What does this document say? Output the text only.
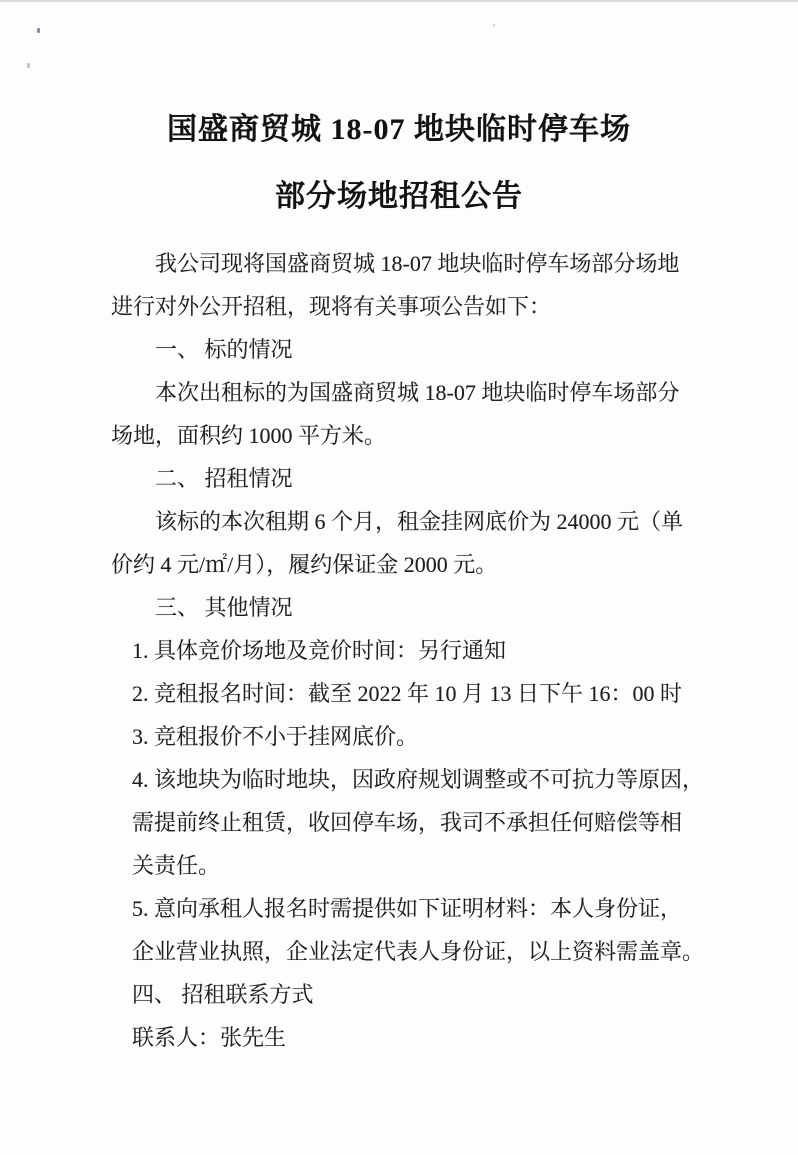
国盛商贸城 18-07 地块临时停车场
部分场地招租公告
我公司现将国盛商贸城 18-07 地块临时停车场部分场地
进行对外公开招租，现将有关事项公告如下：
一、 标的情况
本次出租标的为国盛商贸城 18-07 地块临时停车场部分
场地，面积约 1000 平方米。
二、 招租情况
该标的本次租期 6 个月，租金挂网底价为 24000 元（单
价约 4 元/㎡/月），履约保证金 2000 元。
三、 其他情况
1. 具体竞价场地及竞价时间：另行通知
2. 竞租报名时间：截至 2022 年 10 月 13 日下午 16：00 时
3. 竞租报价不小于挂网底价。
4. 该地块为临时地块，因政府规划调整或不可抗力等原因，
需提前终止租赁，收回停车场，我司不承担任何赔偿等相
关责任。
5. 意向承租人报名时需提供如下证明材料：本人身份证，
企业营业执照，企业法定代表人身份证，以上资料需盖章。
四、 招租联系方式
联系人：张先生
